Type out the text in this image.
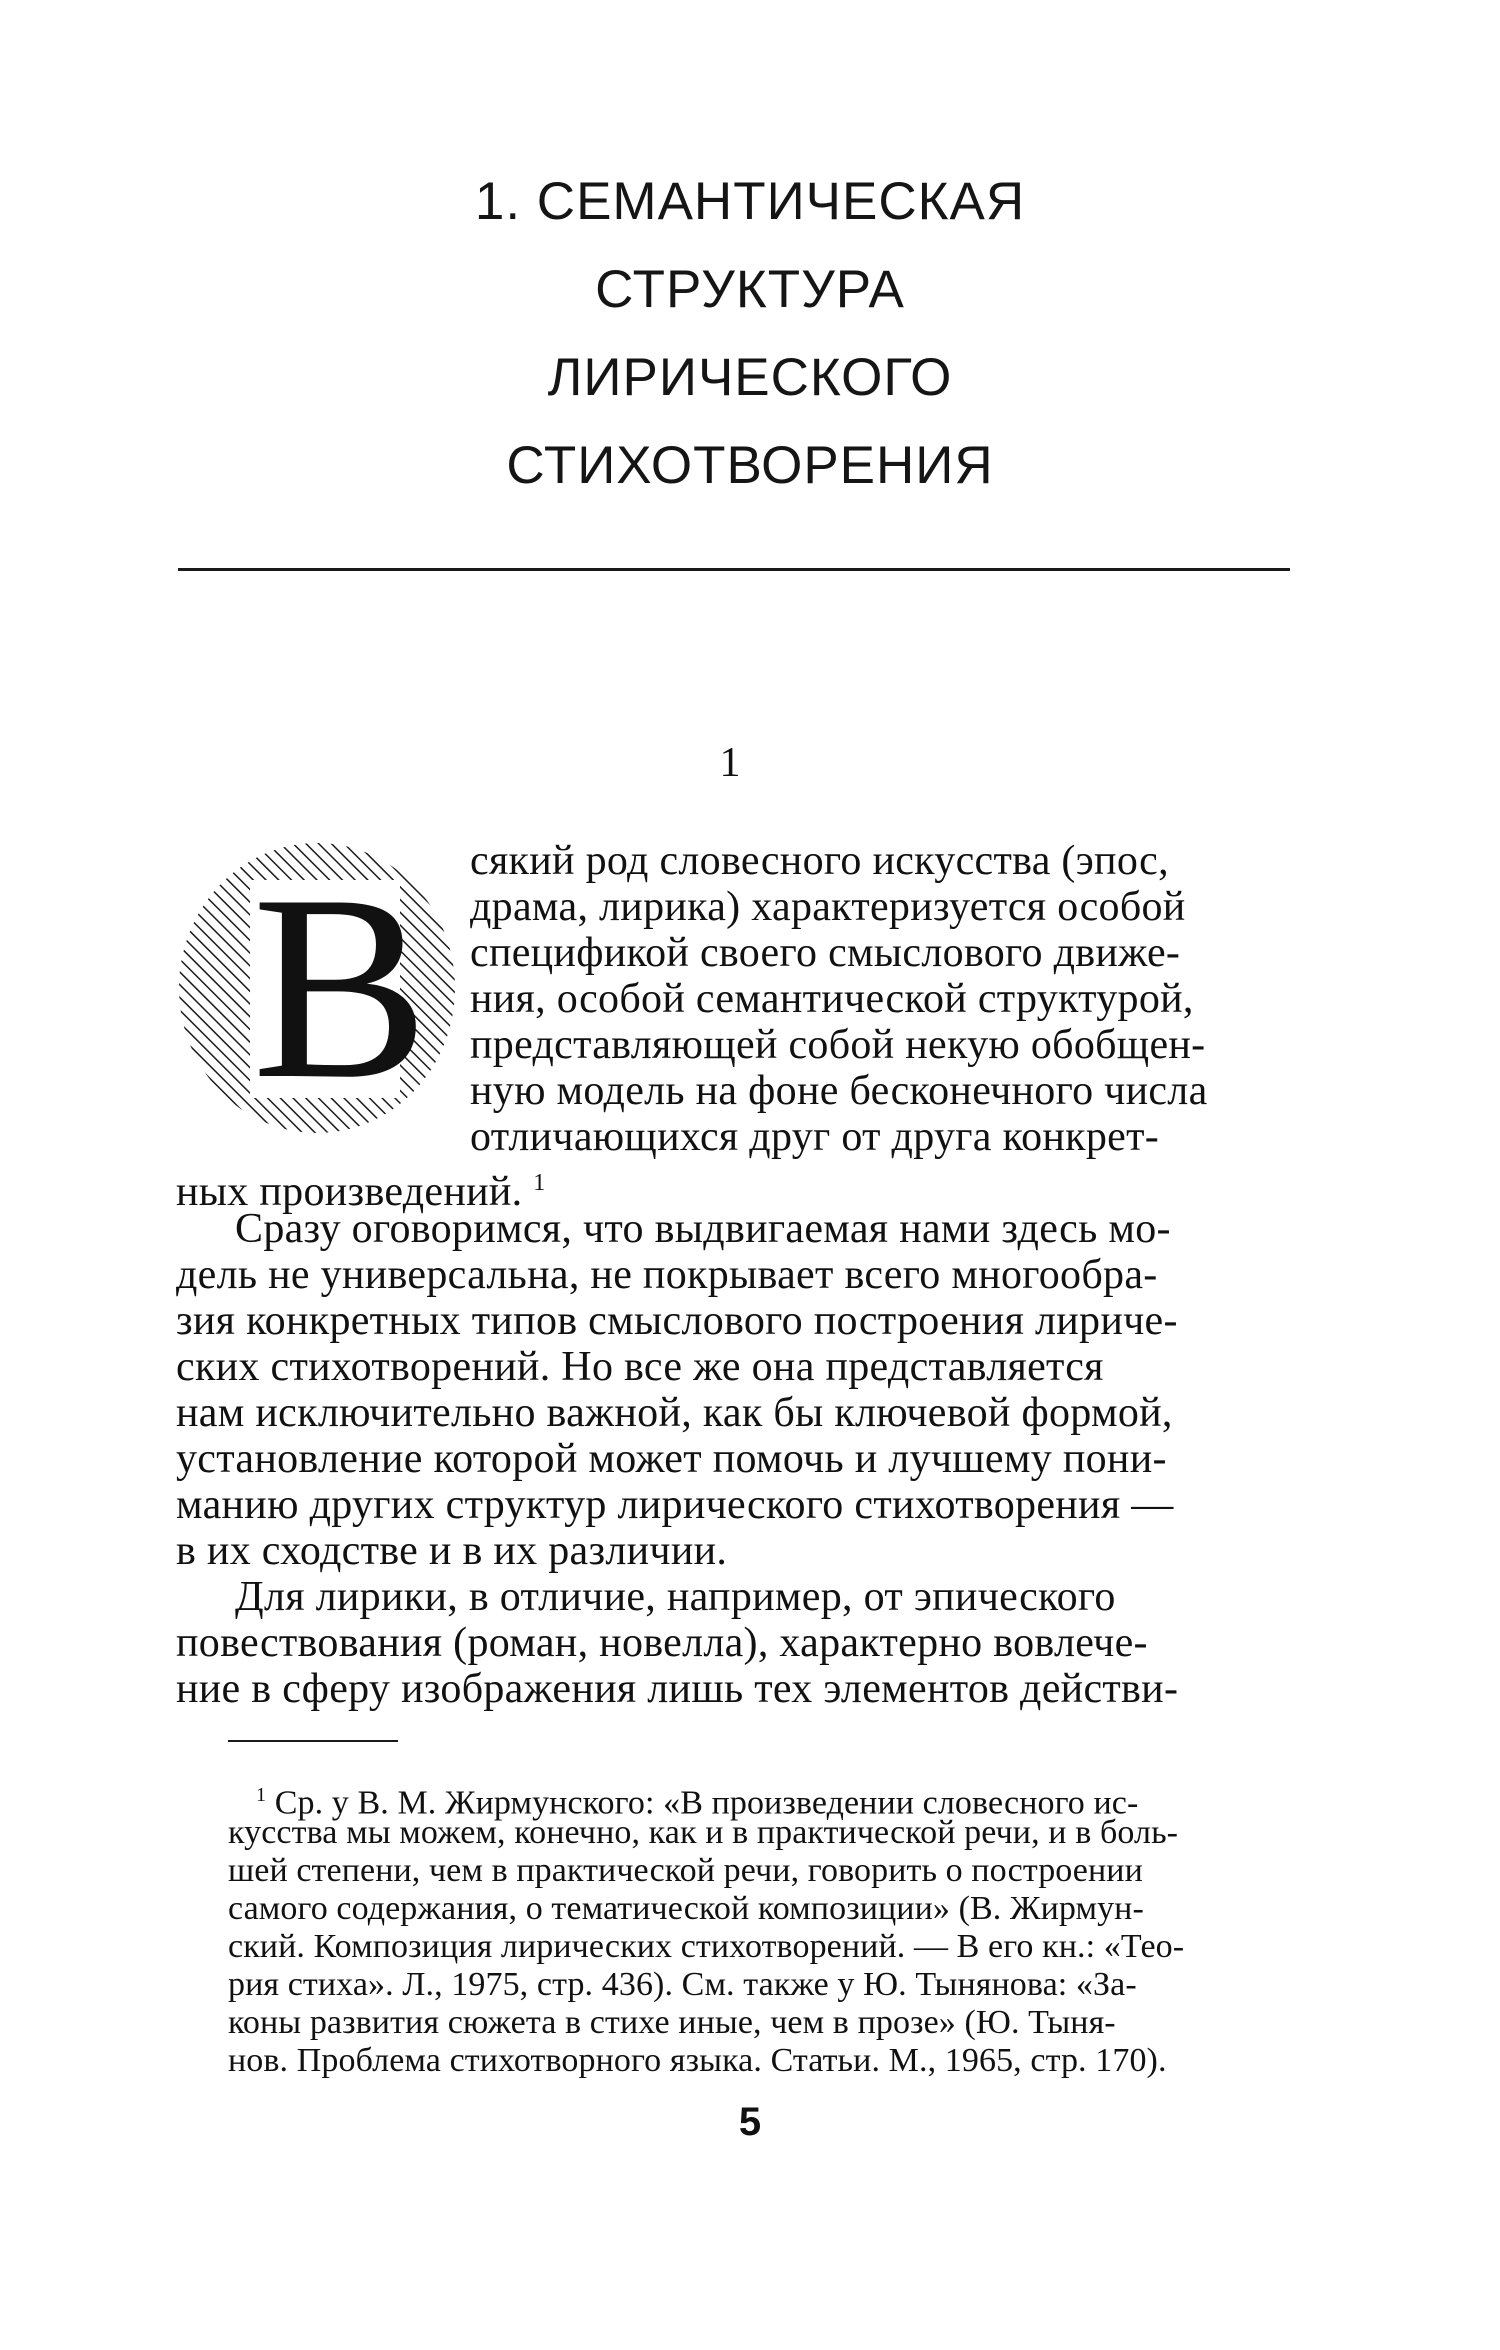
1. СЕМАНТИЧЕСКАЯ
СТРУКТУРА
ЛИРИЧЕСКОГО
СТИХОТВОРЕНИЯ
1
В сякий род словесного искусства (эпос,
драма, лирика) характеризуется особой
спецификой своего смыслового движе-
ния, особой семантической структурой,
представляющей собой некую обобщен-
ную модель на фоне бесконечного числа
отличающихся друг от друга конкрет-
ных произведений. $^1$
Сразу оговоримся, что выдвигаемая нами здесь мо-
дель не универсальна, не покрывает всего многообра-
зия конкретных типов смыслового построения лириче-
ских стихотворений. Но все же она представляется
нам исключительно важной, как бы ключевой формой,
установление которой может помочь и лучшему пони-
манию других структур лирического стихотворения —
в их сходстве и в их различии.
Для лирики, в отличие, например, от эпического
повествования (роман, новелла), характерно вовлече-
ние в сферу изображения лишь тех элементов действи-
$^1$ Ср. у В. М. Жирмунского: «В произведении словесного ис-
кусства мы можем, конечно, как и в практической речи, и в боль-
шей степени, чем в практической речи, говорить о построении
самого содержания, о тематической композиции» (В. Жирмун-
ский. Композиция лирических стихотворений. — В его кн.: «Тео-
рия стиха». Л., 1975, стр. 436). См. также у Ю. Тынянова: «За-
коны развития сюжета в стихе иные, чем в прозе» (Ю. Тыня-
нов. Проблема стихотворного языка. Статьи. М., 1965, стр. 170).
5
